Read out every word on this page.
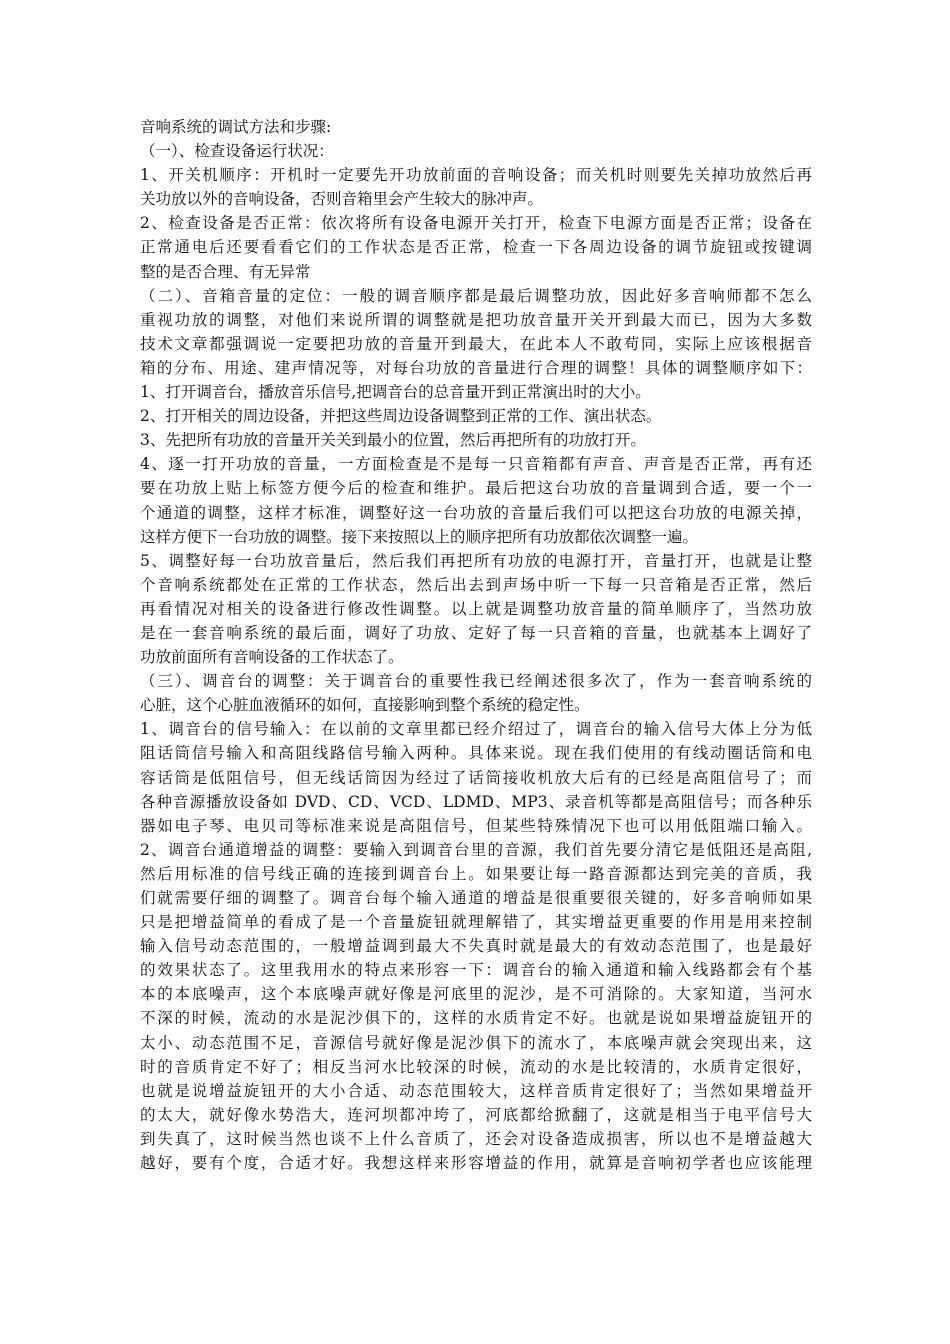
音响系统的调试方法和步骤:
（一）、检查设备运行状况：
1、开关机顺序：开机时一定要先开功放前面的音响设备；而关机时则要先关掉功放然后再
关功放以外的音响设备，否则音箱里会产生较大的脉冲声。
2、检查设备是否正常：依次将所有设备电源开关打开，检查下电源方面是否正常；设备在
正常通电后还要看看它们的工作状态是否正常，检查一下各周边设备的调节旋钮或按键调
整的是否合理、有无异常
（二）、音箱音量的定位：一般的调音顺序都是最后调整功放，因此好多音响师都不怎么
重视功放的调整，对他们来说所谓的调整就是把功放音量开关开到最大而已，因为大多数
技术文章都强调说一定要把功放的音量开到最大，在此本人不敢苟同，实际上应该根据音
箱的分布、用途、建声情况等，对每台功放的音量进行合理的调整！具体的调整顺序如下：
1、打开调音台，播放音乐信号,把调音台的总音量开到正常演出时的大小。
2、打开相关的周边设备，并把这些周边设备调整到正常的工作、演出状态。
3、先把所有功放的音量开关关到最小的位置，然后再把所有的功放打开。
4、逐一打开功放的音量，一方面检查是不是每一只音箱都有声音、声音是否正常，再有还
要在功放上贴上标签方便今后的检查和维护。最后把这台功放的音量调到合适，要一个一
个通道的调整，这样才标准，调整好这一台功放的音量后我们可以把这台功放的电源关掉，
这样方便下一台功放的调整。接下来按照以上的顺序把所有功放都依次调整一遍。
5、调整好每一台功放音量后，然后我们再把所有功放的电源打开，音量打开，也就是让整
个音响系统都处在正常的工作状态，然后出去到声场中听一下每一只音箱是否正常，然后
再看情况对相关的设备进行修改性调整。以上就是调整功放音量的简单顺序了，当然功放
是在一套音响系统的最后面，调好了功放、定好了每一只音箱的音量，也就基本上调好了
功放前面所有音响设备的工作状态了。
（三）、调音台的调整：关于调音台的重要性我已经阐述很多次了，作为一套音响系统的
心脏，这个心脏血液循环的如何，直接影响到整个系统的稳定性。
1、调音台的信号输入：在以前的文章里都已经介绍过了，调音台的输入信号大体上分为低
阻话筒信号输入和高阻线路信号输入两种。具体来说。现在我们使用的有线动圈话筒和电
容话筒是低阻信号，但无线话筒因为经过了话筒接收机放大后有的已经是高阻信号了；而
各种音源播放设备如 DVD、CD、VCD、LDMD、MP3、录音机等都是高阻信号；而各种乐
器如电子琴、电贝司等标准来说是高阻信号，但某些特殊情况下也可以用低阻端口输入。
2、调音台通道增益的调整：要输入到调音台里的音源，我们首先要分清它是低阻还是高阻,
然后用标准的信号线正确的连接到调音台上。如果要让每一路音源都达到完美的音质，我
们就需要仔细的调整了。调音台每个输入通道的增益是很重要很关键的，好多音响师如果
只是把增益简单的看成了是一个音量旋钮就理解错了，其实增益更重要的作用是用来控制
输入信号动态范围的，一般增益调到最大不失真时就是最大的有效动态范围了，也是最好
的效果状态了。这里我用水的特点来形容一下：调音台的输入通道和输入线路都会有个基
本的本底噪声，这个本底噪声就好像是河底里的泥沙，是不可消除的。大家知道，当河水
不深的时候，流动的水是泥沙俱下的，这样的水质肯定不好。也就是说如果增益旋钮开的
太小、动态范围不足，音源信号就好像是泥沙俱下的流水了，本底噪声就会突现出来，这
时的音质肯定不好了；相反当河水比较深的时候，流动的水是比较清的，水质肯定很好，
也就是说增益旋钮开的大小合适、动态范围较大，这样音质肯定很好了；当然如果增益开
的太大，就好像水势浩大，连河坝都冲垮了，河底都给掀翻了，这就是相当于电平信号大
到失真了，这时候当然也谈不上什么音质了，还会对设备造成损害，所以也不是增益越大
越好，要有个度，合适才好。我想这样来形容增益的作用，就算是音响初学者也应该能理
